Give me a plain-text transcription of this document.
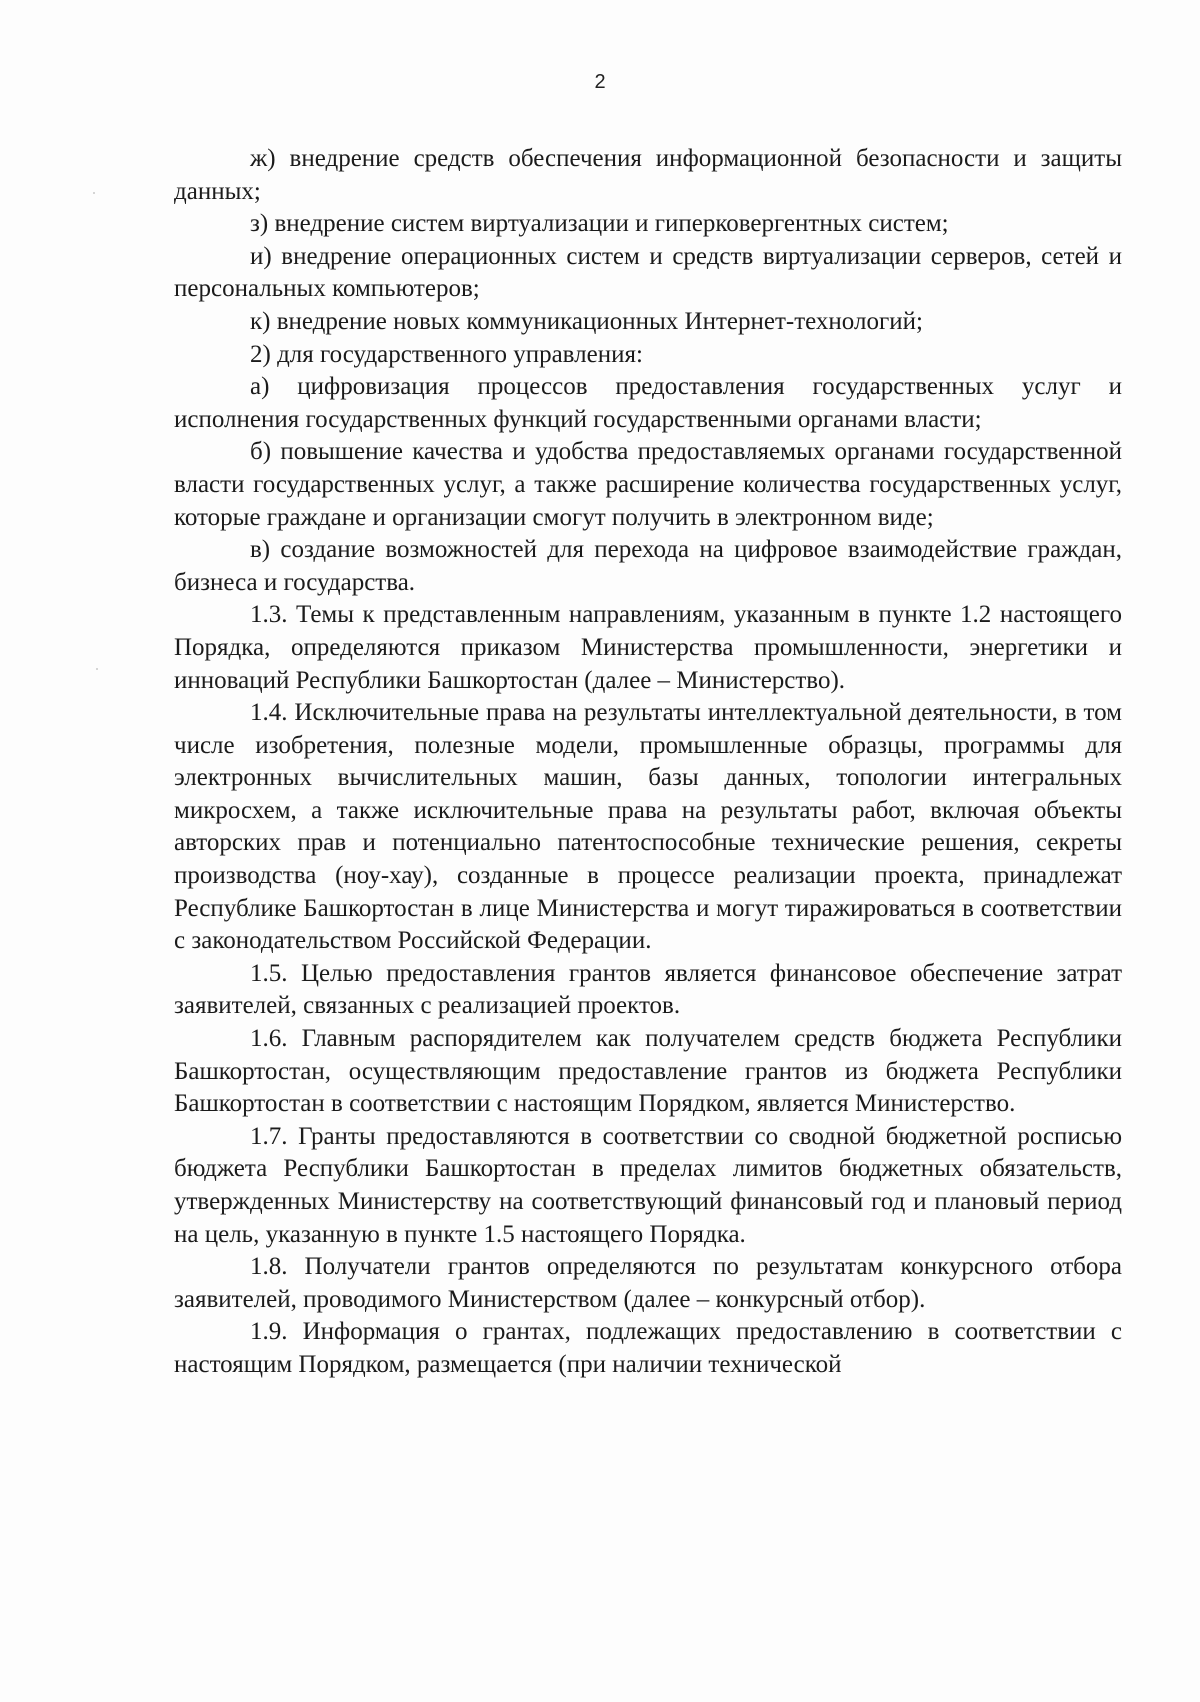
2

ж) внедрение средств обеспечения информационной безопасности и защиты данных;

з) внедрение систем виртуализации и гиперковергентных систем;

и) внедрение операционных систем и средств виртуализации серверов, сетей и персональных компьютеров;

к) внедрение новых коммуникационных Интернет-технологий;

2) для государственного управления:

а) цифровизация процессов предоставления государственных услуг и исполнения государственных функций государственными органами власти;

б) повышение качества и удобства предоставляемых органами государственной власти государственных услуг, а также расширение количества государственных услуг, которые граждане и организации смогут получить в электронном виде;

в) создание возможностей для перехода на цифровое взаимодействие граждан, бизнеса и государства.

1.3. Темы к представленным направлениям, указанным в пункте 1.2 настоящего Порядка, определяются приказом Министерства промышленности, энергетики и инноваций Республики Башкортостан (далее – Министерство).

1.4. Исключительные права на результаты интеллектуальной деятельности, в том числе изобретения, полезные модели, промышленные образцы, программы для электронных вычислительных машин, базы данных, топологии интегральных микросхем, а также исключительные права на результаты работ, включая объекты авторских прав и потенциально патентоспособные технические решения, секреты производства (ноу-хау), созданные в процессе реализации проекта, принадлежат Республике Башкортостан в лице Министерства и могут тиражироваться в соответствии с законодательством Российской Федерации.

1.5. Целью предоставления грантов является финансовое обеспечение затрат заявителей, связанных с реализацией проектов.

1.6. Главным распорядителем как получателем средств бюджета Республики Башкортостан, осуществляющим предоставление грантов из бюджета Республики Башкортостан в соответствии с настоящим Порядком, является Министерство.

1.7. Гранты предоставляются в соответствии со сводной бюджетной росписью бюджета Республики Башкортостан в пределах лимитов бюджетных обязательств, утвержденных Министерству на соответствующий финансовый год и плановый период на цель, указанную в пункте 1.5 настоящего Порядка.

1.8. Получатели грантов определяются по результатам конкурсного отбора заявителей, проводимого Министерством (далее – конкурсный отбор).

1.9. Информация о грантах, подлежащих предоставлению в соответствии с настоящим Порядком, размещается (при наличии технической
